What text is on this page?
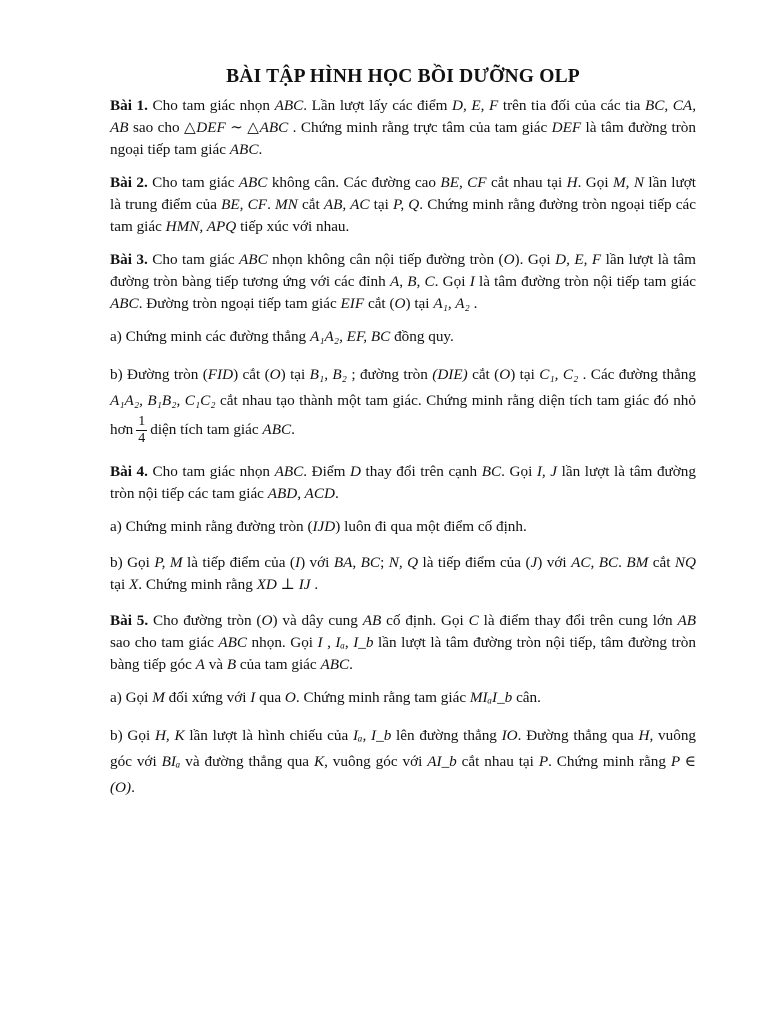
BÀI TẬP HÌNH HỌC BỒI DƯỠNG OLP
Bài 1. Cho tam giác nhọn ABC. Lần lượt lấy các điểm D, E, F trên tia đối của các tia BC, CA, AB sao cho △DEF ∼ △ABC . Chứng minh rằng trực tâm của tam giác DEF là tâm đường tròn ngoại tiếp tam giác ABC.
Bài 2. Cho tam giác ABC không cân. Các đường cao BE, CF cắt nhau tại H. Gọi M, N lần lượt là trung điểm của BE, CF. MN cắt AB, AC tại P, Q. Chứng minh rằng đường tròn ngoại tiếp các tam giác HMN, APQ tiếp xúc với nhau.
Bài 3. Cho tam giác ABC nhọn không cân nội tiếp đường tròn (O). Gọi D, E, F lần lượt là tâm đường tròn bàng tiếp tương ứng với các đỉnh A, B, C. Gọi I là tâm đường tròn nội tiếp tam giác ABC. Đường tròn ngoại tiếp tam giác EIF cắt (O) tại A₁, A₂ .
a) Chứng minh các đường thẳng A₁A₂, EF, BC đồng quy.
b) Đường tròn (FID) cắt (O) tại B₁, B₂ ; đường tròn (DIE) cắt (O) tại C₁, C₂ . Các đường thẳng A₁A₂, B₁B₂, C₁C₂ cắt nhau tạo thành một tam giác. Chứng minh rằng diện tích tam giác đó nhỏ hơn $\frac{1}{4}$ diện tích tam giác ABC.
Bài 4. Cho tam giác nhọn ABC. Điểm D thay đổi trên cạnh BC. Gọi I, J lần lượt là tâm đường tròn nội tiếp các tam giác ABD, ACD.
a) Chứng minh rằng đường tròn (IJD) luôn đi qua một điểm cố định.
b) Gọi P, M là tiếp điểm của (I) với BA, BC; N, Q là tiếp điểm của (J) với AC, BC. BM cắt NQ tại X. Chứng minh rằng XD ⊥ IJ .
Bài 5. Cho đường tròn (O) và dây cung AB cố định. Gọi C là điểm thay đổi trên cung lớn AB sao cho tam giác ABC nhọn. Gọi I , Iₐ, I_b lần lượt là tâm đường tròn nội tiếp, tâm đường tròn bàng tiếp góc A và B của tam giác ABC.
a) Gọi M đối xứng với I qua O. Chứng minh rằng tam giác MIₐI_b cân.
b) Gọi H, K lần lượt là hình chiếu của Iₐ, I_b lên đường thẳng IO. Đường thẳng qua H, vuông góc với BIₐ và đường thẳng qua K, vuông góc với AI_b cắt nhau tại P. Chứng minh rằng P ∈ (O).
